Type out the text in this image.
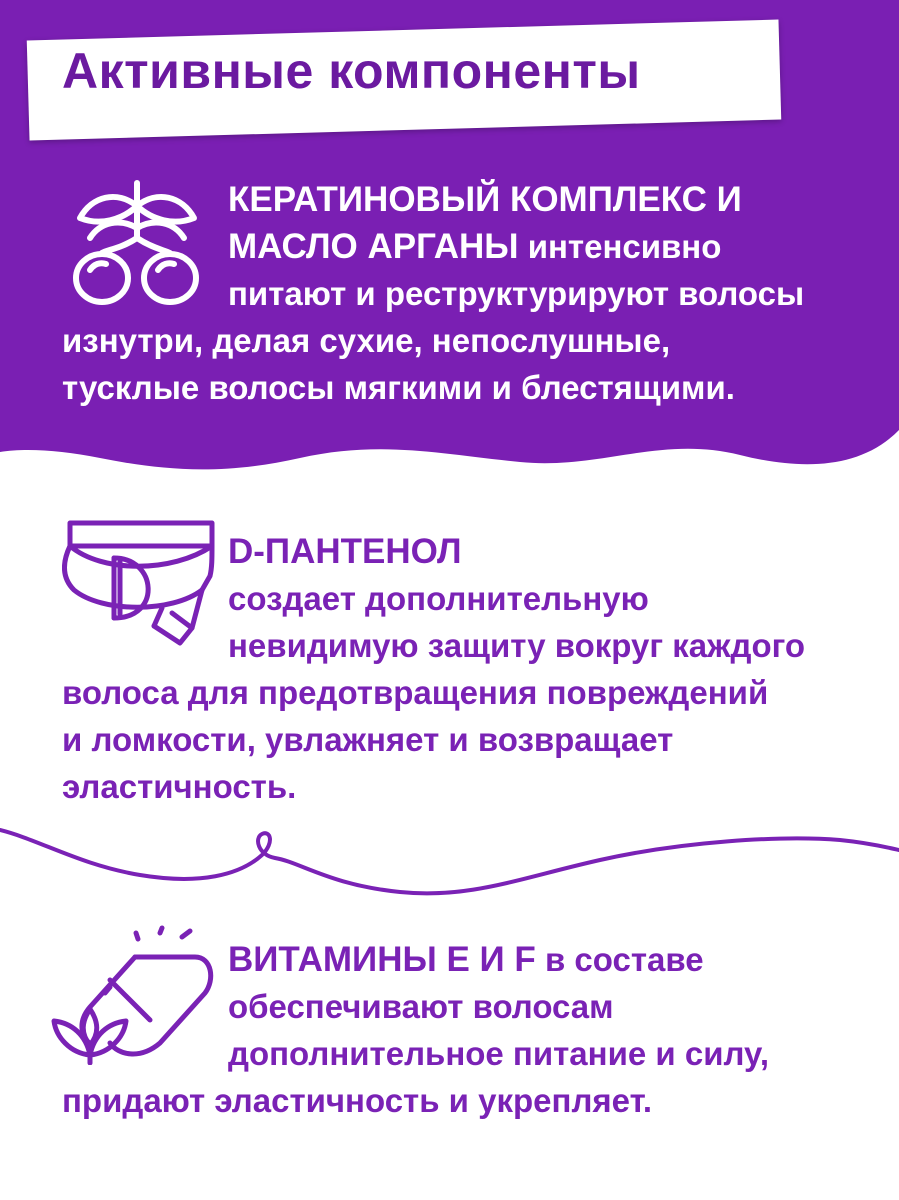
Активные компоненты
КЕРАТИНОВЫЙ КОМПЛЕКС И
МАСЛО АРГАНЫ интенсивно
питают и реструктурируют волосы
изнутри, делая сухие, непослушные,
тусклые волосы мягкими и блестящими.
D-ПАНТЕНОЛ
создает дополнительную
невидимую защиту вокруг каждого
волоса для предотвращения повреждений
и ломкости, увлажняет и возвращает
эластичность.
ВИТАМИНЫ E И F в составе
обеспечивают волосам
дополнительное питание и силу,
придают эластичность и укрепляет.
